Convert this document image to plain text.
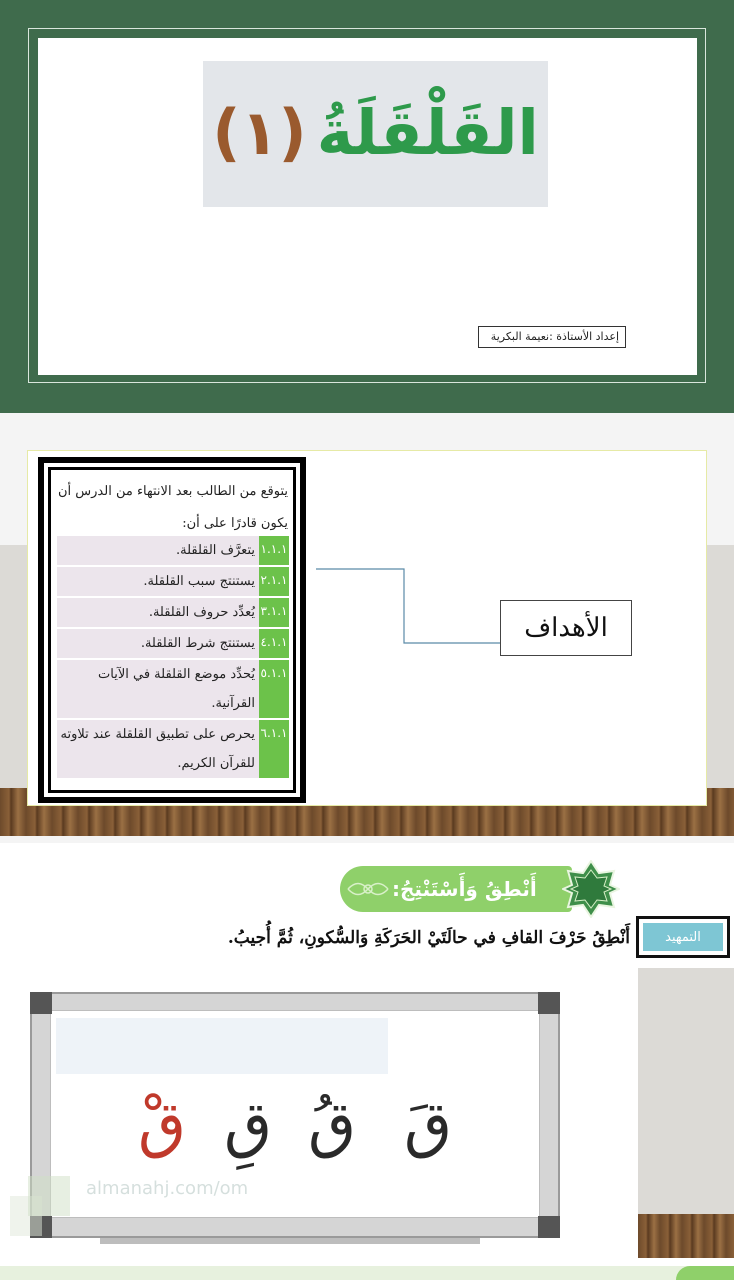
القَلْقَلَةُ
(١)
إعداد الأستاذة :نعيمة البكرية
يتوقع من الطالب بعد الانتهاء من الدرس أن يكون قادرًا على أن:
١.١.١
يتعرَّف القلقلة.
٢.١.١
يستنتج سبب القلقلة.
٣.١.١
يُعدِّد حروف القلقلة.
٤.١.١
يستنتج شرط القلقلة.
٥.١.١
يُحدِّد موضع القلقلة في الآيات القرآنية.
٦.١.١
يحرص على تطبيق القلقلة عند تلاوته للقرآن الكريم.
الأهداف
أَنْطِقُ وَأَسْتَنْتِجُ:
التمهيد
أَنْطِقُ حَرْفَ القافِ في حالَتَيْ الحَرَكَةِ وَالسُّكونِ، ثُمَّ أُجيبُ.
قَ
قُ
قِ
قْ
almanahj.com/om
